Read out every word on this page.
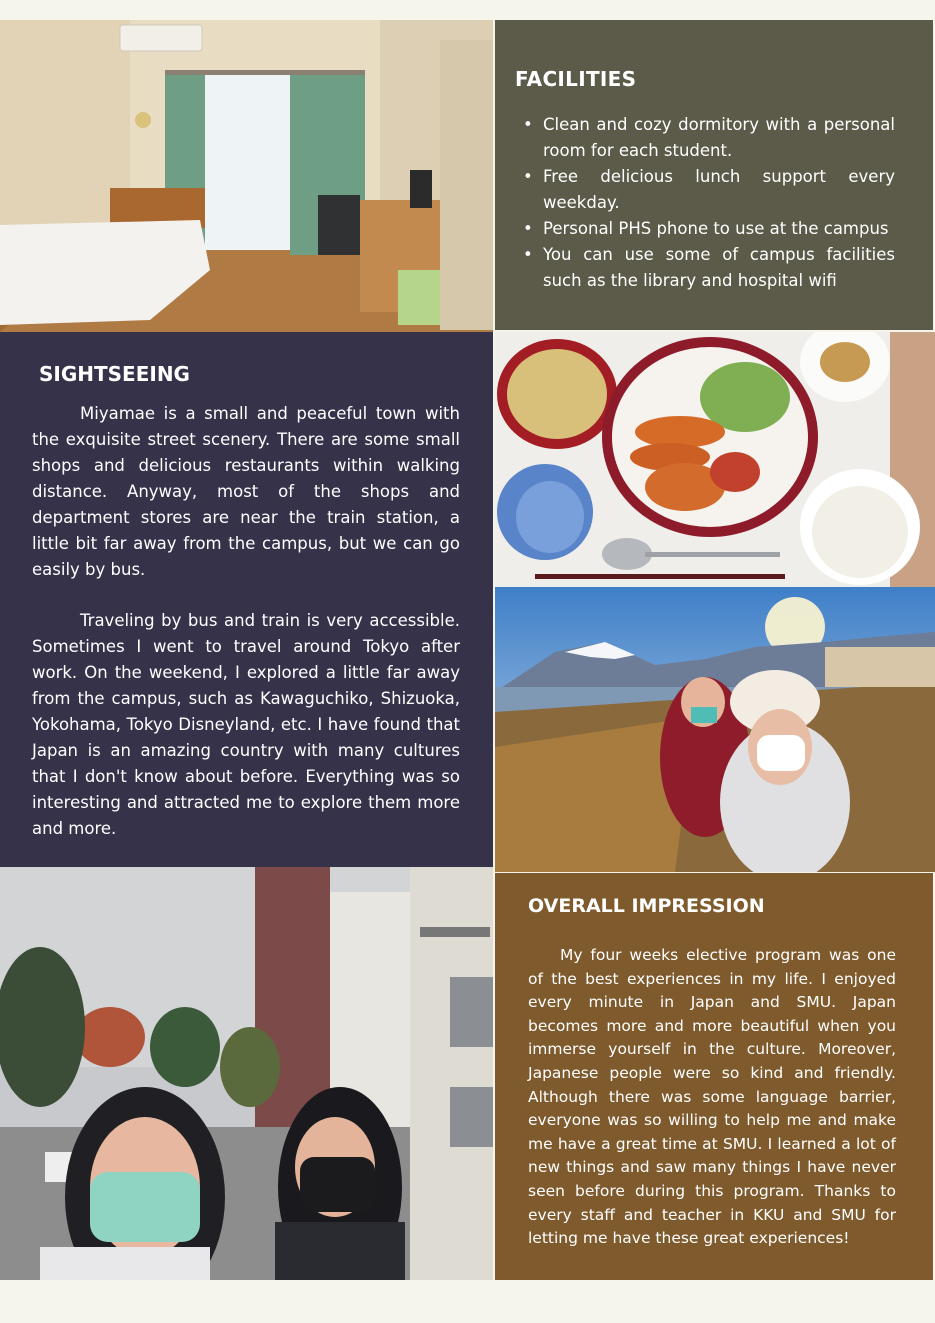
FACILITIES
• Clean and cozy dormitory with a personal room for each student.
• Free delicious lunch support every weekday.
• Personal PHS phone to use at the campus
• You can use some of campus facilities such as the library and hospital wifi
SIGHTSEEING

Miyamae is a small and peaceful town with the exquisite street scenery. There are some small shops and delicious restaurants within walking distance. Anyway, most of the shops and department stores are near the train station, a little bit far away from the campus, but we can go easily by bus.

Traveling by bus and train is very accessible. Sometimes I went to travel around Tokyo after work. On the weekend, I explored a little far away from the campus, such as Kawaguchiko, Shizuoka, Yokohama, Tokyo Disneyland, etc. I have found that Japan is an amazing country with many cultures that I don't know about before. Everything was so interesting and attracted me to explore them more and more.

OVERALL IMPRESSION

My four weeks elective program was one of the best experiences in my life. I enjoyed every minute in Japan and SMU. Japan becomes more and more beautiful when you immerse yourself in the culture. Moreover, Japanese people were so kind and friendly. Although there was some language barrier, everyone was so willing to help me and make me have a great time at SMU. I learned a lot of new things and saw many things I have never seen before during this program. Thanks to every staff and teacher in KKU and SMU for letting me have these great experiences!
